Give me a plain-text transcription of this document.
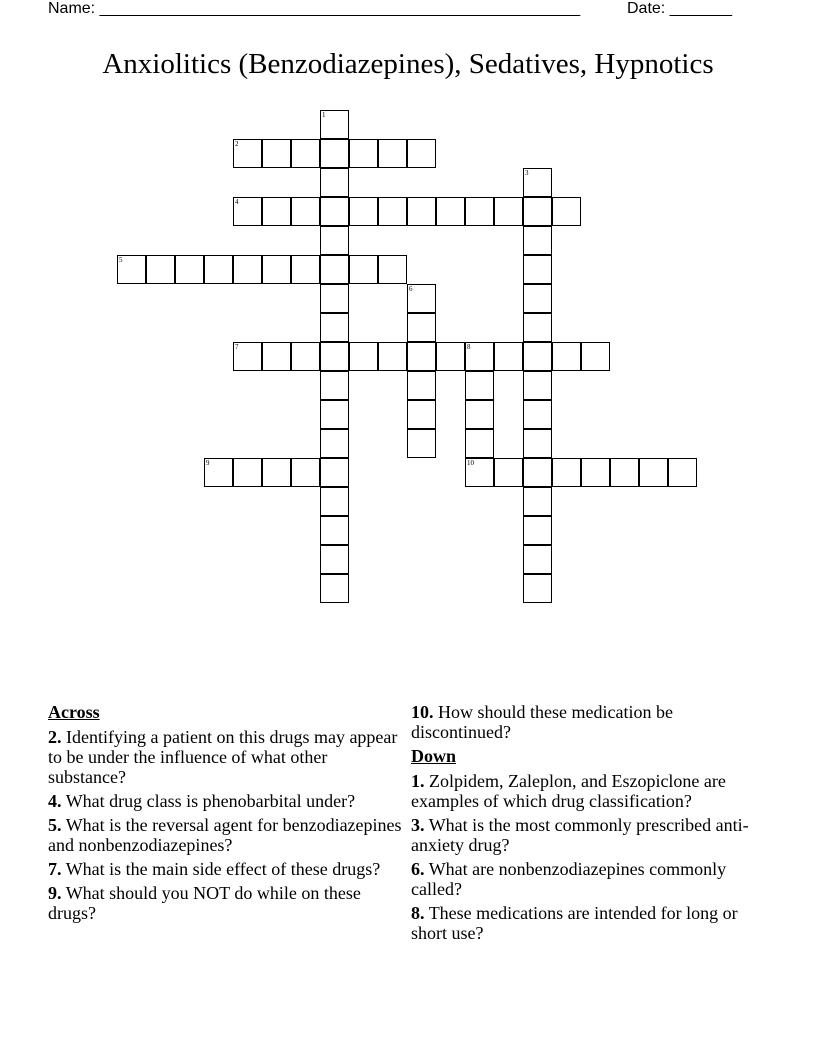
Name: ______________________________________________________	Date: _______
Anxiolitics (Benzodiazepines), Sedatives, Hypnotics
1
2
3
4
5
6
7	8
10
9
Across
2. Identifying a patient on this drugs may appear to be under the influence of what other substance?
4. What drug class is phenobarbital under?
5. What is the reversal agent for benzodiazepines and nonbenzodiazepines?
7. What is the main side effect of these drugs?
9. What should you NOT do while on these drugs?
10. How should these medication be discontinued?
Down
1. Zolpidem, Zaleplon, and Eszopiclone are examples of which drug classification?
3. What is the most commonly prescribed anti-anxiety drug?
6. What are nonbenzodiazepines commonly called?
8. These medications are intended for long or short use?
